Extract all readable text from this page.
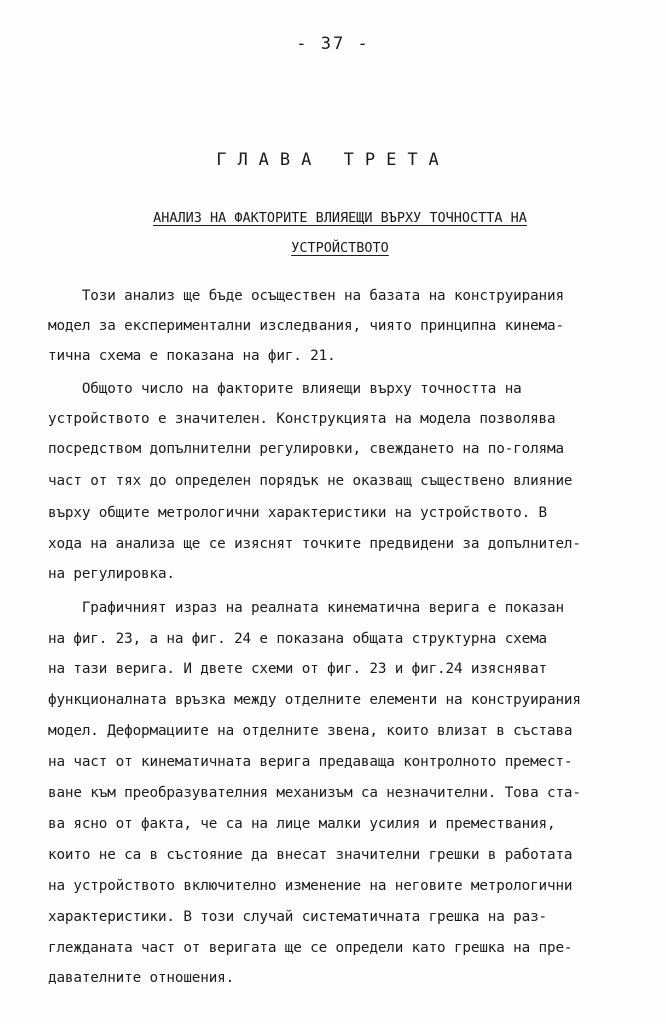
- 37 -
ГЛАВА ТРЕТА
АНАЛИЗ НА ФАКТОРИТЕ ВЛИЯЕЩИ ВЪРХУ ТОЧНОСТТА НА
УСТРОЙСТВОТО
Този анализ ще бъде осъществен на базата на конструирания
модел за експериментални изследвания, чиято принципна кинема-
тична схема е показана на фиг. 21.
Общото число на факторите влияещи върху точността на
устройството е значителен. Конструкцията на модела позволява
посредством допълнителни регулировки, свеждането на по-голяма
част от тях до определен порядък не оказващ съществено влияние
върху общите метрологични характеристики на устройството. В
хода на анализа ще се изяснят точките предвидени за допълнител-
на регулировка.
Графичният израз на реалната кинематична верига е показан
на фиг. 23, а на фиг. 24 е показана общата структурна схема
на тази верига. И двете схеми от фиг. 23 и фиг.24 изясняват
функционалната връзка между отделните елементи на конструирания
модел. Деформациите на отделните звена, които влизат в състава
на част от кинематичната верига предаваща контролното премест-
ване към преобразувателния механизъм са незначителни. Това ста-
ва ясно от факта, че са на лице малки усилия и премествания,
които не са в състояние да внесат значителни грешки в работата
на устройството включително изменение на неговите метрологични
характеристики. В този случай систематичната грешка на раз-
глежданата част от веригата ще се определи като грешка на пре-
давателните отношения.
